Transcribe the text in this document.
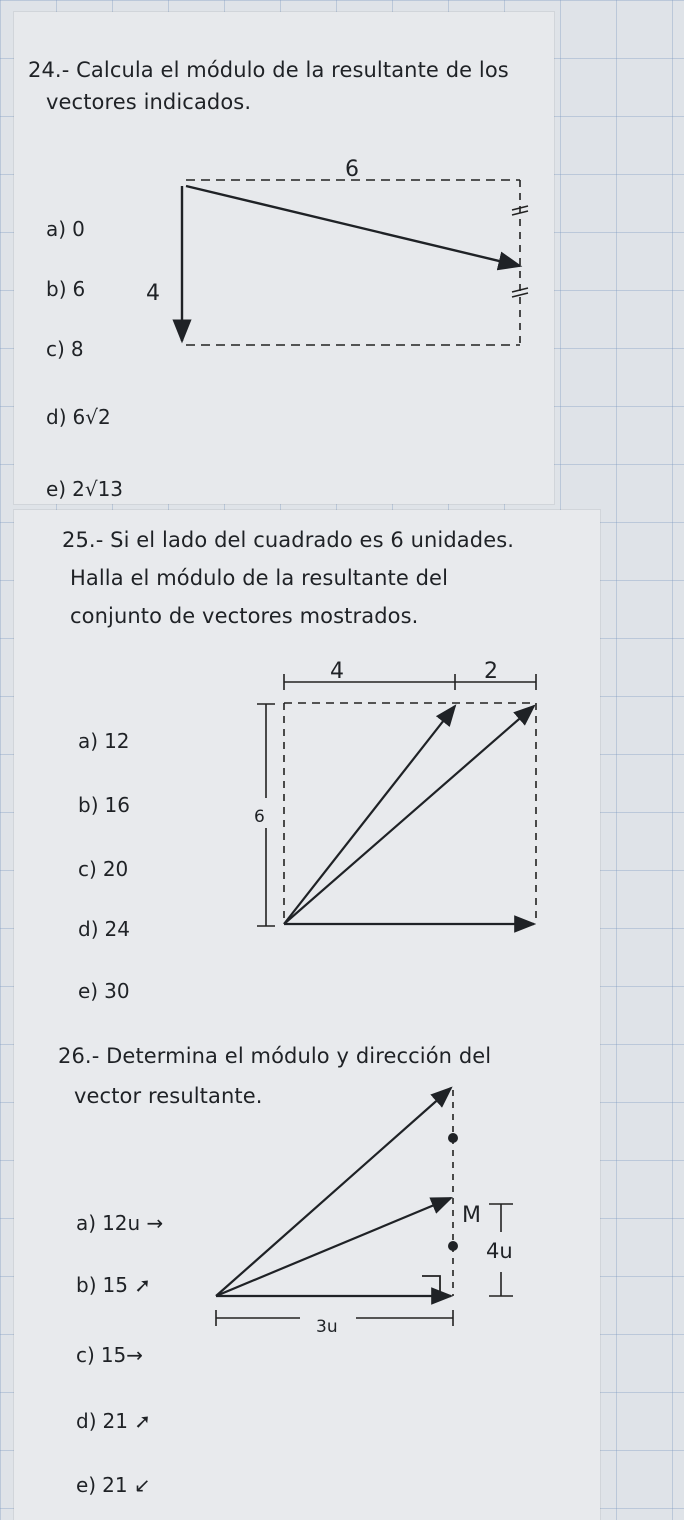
24.- Calcula el módulo de la resultante de los
vectores indicados.
a) 0
b) 6
c) 8
d) 6√2
e) 2√13
6
4
25.- Si el lado del cuadrado es 6 unidades.
Halla el módulo de la resultante del
conjunto de vectores mostrados.
a) 12
b) 16
c) 20
d) 24
e) 30
4	2
6
26.- Determina el módulo y dirección del
vector resultante.
a) 12u →
b) 15 ➚
c) 15→
d) 21 ➚
e) 21 ↙
M
4u
3u
